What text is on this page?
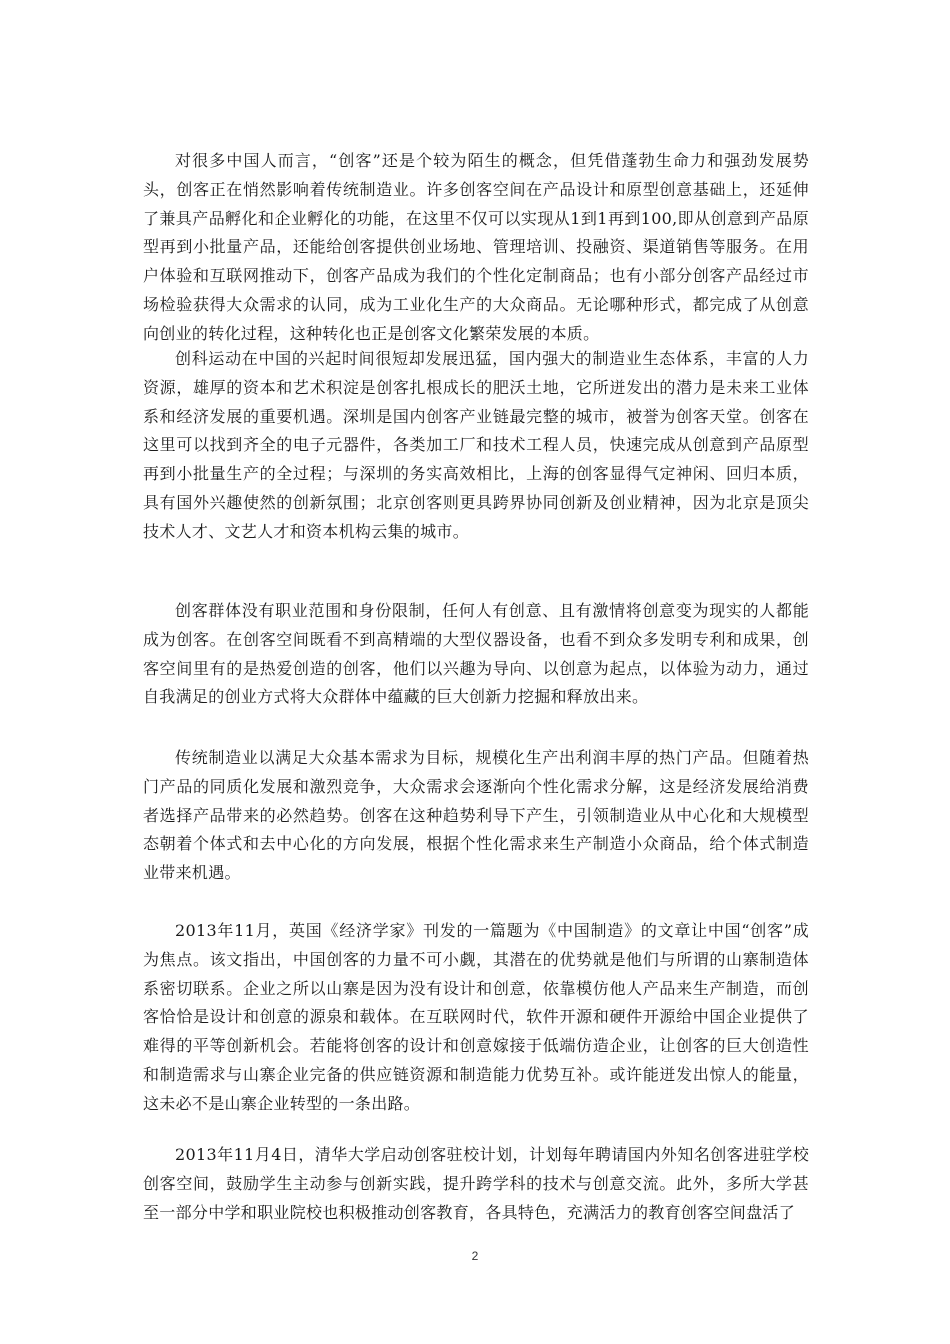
对很多中国人而言，“创客”还是个较为陌生的概念，但凭借蓬勃生命力和强劲发展势头，创客正在悄然影响着传统制造业。许多创客空间在产品设计和原型创意基础上，还延伸了兼具产品孵化和企业孵化的功能，在这里不仅可以实现从1到1再到100,即从创意到产品原型再到小批量产品，还能给创客提供创业场地、管理培训、投融资、渠道销售等服务。在用户体验和互联网推动下，创客产品成为我们的个性化定制商品；也有小部分创客产品经过市场检验获得大众需求的认同，成为工业化生产的大众商品。无论哪种形式，都完成了从创意向创业的转化过程，这种转化也正是创客文化繁荣发展的本质。

创科运动在中国的兴起时间很短却发展迅猛，国内强大的制造业生态体系，丰富的人力资源，雄厚的资本和艺术积淀是创客扎根成长的肥沃土地，它所迸发出的潜力是未来工业体系和经济发展的重要机遇。深圳是国内创客产业链最完整的城市，被誉为创客天堂。创客在这里可以找到齐全的电子元器件，各类加工厂和技术工程人员，快速完成从创意到产品原型再到小批量生产的全过程；与深圳的务实高效相比，上海的创客显得气定神闲、回归本质，具有国外兴趣使然的创新氛围；北京创客则更具跨界协同创新及创业精神，因为北京是顶尖技术人才、文艺人才和资本机构云集的城市。

创客群体没有职业范围和身份限制，任何人有创意、且有激情将创意变为现实的人都能成为创客。在创客空间既看不到高精端的大型仪器设备，也看不到众多发明专利和成果，创客空间里有的是热爱创造的创客，他们以兴趣为导向、以创意为起点，以体验为动力，通过自我满足的创业方式将大众群体中蕴藏的巨大创新力挖掘和释放出来。

传统制造业以满足大众基本需求为目标，规模化生产出利润丰厚的热门产品。但随着热门产品的同质化发展和激烈竞争，大众需求会逐渐向个性化需求分解，这是经济发展给消费者选择产品带来的必然趋势。创客在这种趋势利导下产生，引领制造业从中心化和大规模型态朝着个体式和去中心化的方向发展，根据个性化需求来生产制造小众商品，给个体式制造业带来机遇。

2013年11月，英国《经济学家》刊发的一篇题为《中国制造》的文章让中国“创客”成为焦点。该文指出，中国创客的力量不可小觑，其潜在的优势就是他们与所谓的山寨制造体系密切联系。企业之所以山寨是因为没有设计和创意，依靠模仿他人产品来生产制造，而创客恰恰是设计和创意的源泉和载体。在互联网时代，软件开源和硬件开源给中国企业提供了难得的平等创新机会。若能将创客的设计和创意嫁接于低端仿造企业，让创客的巨大创造性和制造需求与山寨企业完备的供应链资源和制造能力优势互补。或许能迸发出惊人的能量，这未必不是山寨企业转型的一条出路。

2013年11月4日，清华大学启动创客驻校计划，计划每年聘请国内外知名创客进驻学校创客空间，鼓励学生主动参与创新实践，提升跨学科的技术与创意交流。此外，多所大学甚至一部分中学和职业院校也积极推动创客教育，各具特色，充满活力的教育创客空间盘活了

2
